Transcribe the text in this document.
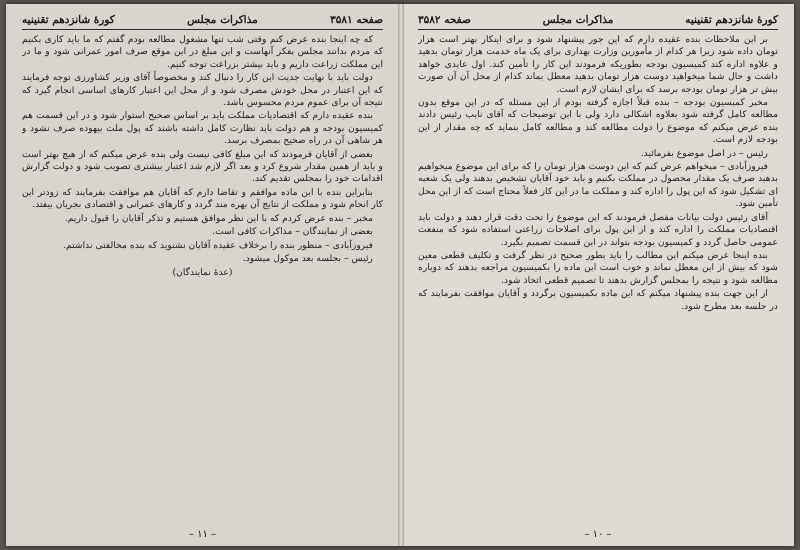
کورۀ شانزدهم تقنینیه
مذاکرات مجلس
صفحه ۳۵۸۲

بر این ملاحظات بنده عقیده دارم که این جور پیشنهاد شود و برای اینکار بهتر است هزار تومان داده شود زیرا هر کدام از مأمورین وزارت بهداری برای یک ماه خدمت هزار تومان بدهید و علاوه اداره کند کمیسیون بودجه بطوریکه فرمودند این کار را تأمین کند. اول عایدی خواهد داشت و حال شما میخواهید دوست هزار تومان بدهید معطل بماند کدام از محل آن آن صورت بیش تر هزار تومان بودجه برسد که برای ایشان لازم است.

مخبر کمیسیون بودجه – بنده قبلاً اجازه گرفته بودم از این مسئله که در این موقع بدون مطالعه کامل گرفته شود بعلاوه اشکالی دارد ولی با این توضیحات که آقای نایب رئیس دادند بنده عرض میکنم که موضوع را دولت مطالعه کند و مطالعه کامل بنماید که چه مقدار از این بودجه لازم است.

رئیس – در اصل موضوع بفرمائید.

فیروزآبادی – میخواهم عرض کنم که این دوست هزار تومان را که برای این موضوع میخواهیم بدهید صرف یک مقدار محصول در مملکت بکنیم و باید خود آقایان تشخیص بدهند ولی یک شعبه ای تشکیل شود که این پول را اداره کند و مملکت ما در این کار فعلاً محتاج است که از این محل تأمین شود.

آقای رئیس دولت بیانات مفصل فرمودند که این موضوع را تحت دقت قرار دهند و دولت باید اقتصادیات مملکت را اداره کند و از این پول برای اصلاحات زراعتی استفاده شود که منفعت عمومی حاصل گردد و کمیسیون بودجه بتواند در این قسمت تصمیم بگیرد.

بنده اینجا عرض میکنم این مطالب را باید بطور صحیح در نظر گرفت و تکلیف قطعی معین شود که بیش از این معطل نماند و خوب است این ماده را بکمیسیون مراجعه بدهند که دوباره مطالعه شود و نتیجه را بمجلس گزارش بدهند تا تصمیم قطعی اتخاذ شود.

از این جهت بنده پیشنهاد میکنم که این ماده بکمیسیون برگردد و آقایان موافقت بفرمایند که در جلسه بعد مطرح شود.

– ۱۰ –
صفحه ۳۵۸۱
مذاکرات مجلس
کورۀ شانزدهم تقنینیه

که چه اینجا بنده عرض کنم وقتی شب تنها مشغول مطالعه بودم گفتم که ما باید کاری بکنیم که مردم بدانند مجلس بفکر آنهاست و این مبلغ در این موقع صرف امور عمرانی شود و ما در این مملکت زراعت داریم و باید بیشتر بزراعت توجه کنیم.

دولت باید با نهایت جدیت این کار را دنبال کند و مخصوصاً آقای وزیر کشاورزی توجه فرمایند که این اعتبار در محل خودش مصرف شود و از محل این اعتبار کارهای اساسی انجام گیرد که نتیجه آن برای عموم مردم محسوس باشد.

بنده عقیده دارم که اقتصادیات مملکت باید بر اساس صحیح استوار شود و در این قسمت هم کمیسیون بودجه و هم دولت باید نظارت کامل داشته باشند که پول ملت بیهوده صرف نشود و هر شاهی آن در راه صحیح بمصرف برسد.

بعضی از آقایان فرمودند که این مبلغ کافی نیست ولی بنده عرض میکنم که از هیچ بهتر است و باید از همین مقدار شروع کرد و بعد اگر لازم شد اعتبار بیشتری تصویب شود و دولت گزارش اقدامات خود را بمجلس تقدیم کند.

بنابراین بنده با این ماده موافقم و تقاضا دارم که آقایان هم موافقت بفرمایند که زودتر این کار انجام شود و مملکت از نتایج آن بهره مند گردد و کارهای عمرانی و اقتصادی بجریان بیفتد.

مخبر – بنده عرض کردم که با این نظر موافق هستیم و تذکر آقایان را قبول داریم.

بعضی از نمایندگان – مذاکرات کافی است.

فیروزآبادی – منظور بنده را برخلاف عقیده آقایان نشنوید که بنده مخالفتی نداشتم.

رئیس – بجلسه بعد موکول میشود.

(عدۀ نمایندگان)

– ۱۱ –
